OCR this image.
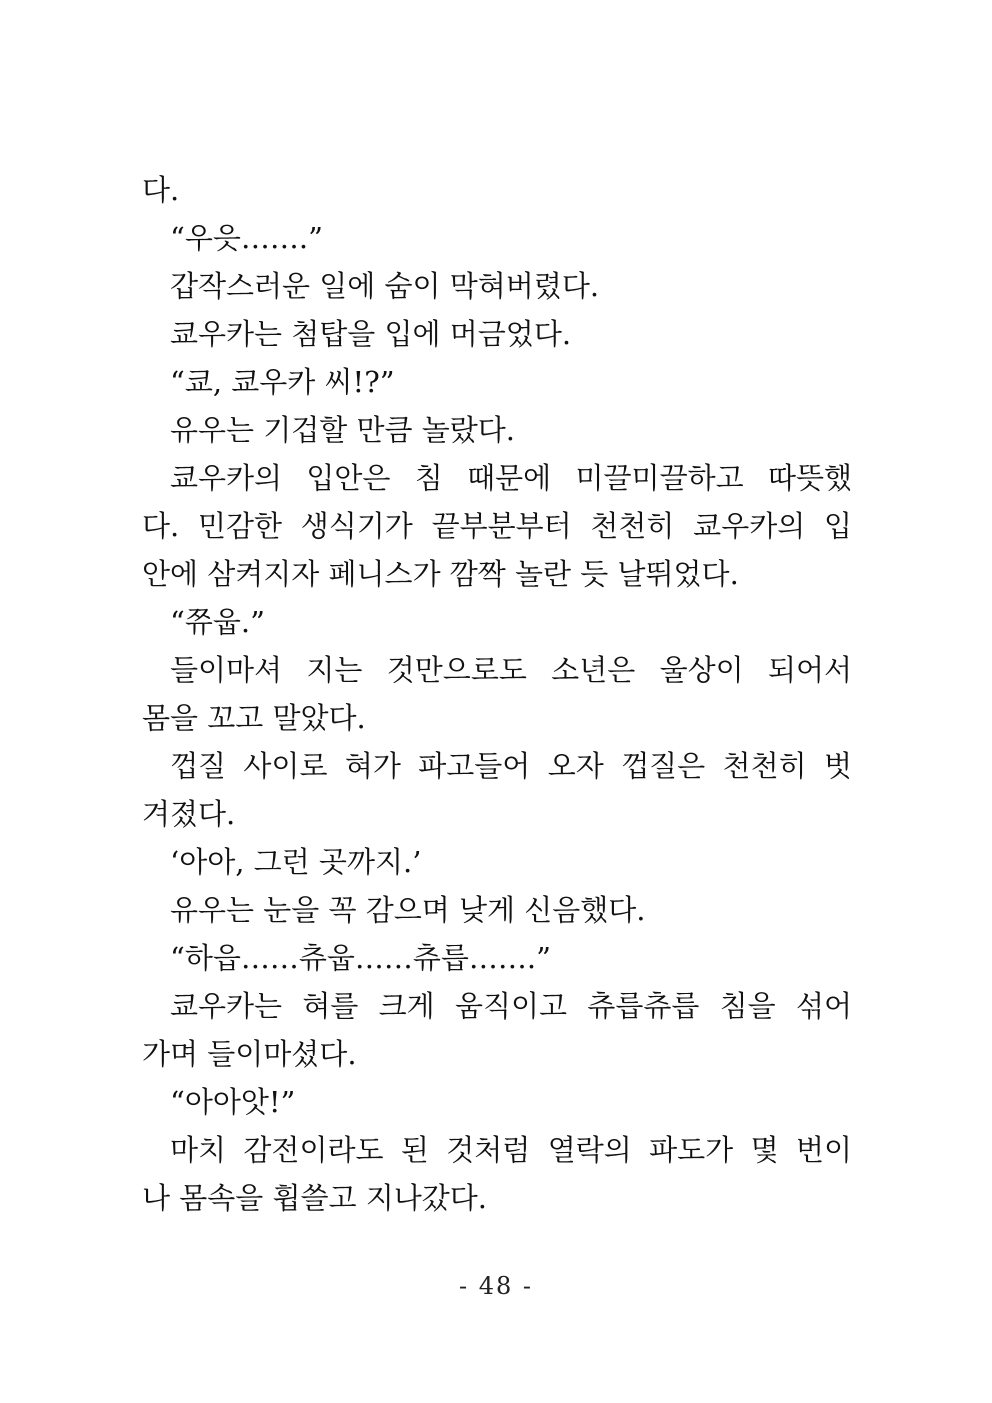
다.
“우읏…….”
갑작스러운 일에 숨이 막혀버렸다.
쿄우카는 첨탑을 입에 머금었다.
“쿄, 쿄우카 씨!?”
유우는 기겁할 만큼 놀랐다.
쿄우카의 입안은 침 때문에 미끌미끌하고 따뜻했
다. 민감한 생식기가 끝부분부터 천천히 쿄우카의 입
안에 삼켜지자 페니스가 깜짝 놀란 듯 날뛰었다.
“쮸웁.”
들이마셔 지는 것만으로도 소년은 울상이 되어서
몸을 꼬고 말았다.
껍질 사이로 혀가 파고들어 오자 껍질은 천천히 벗
겨졌다.
‘아아, 그런 곳까지.’
유우는 눈을 꼭 감으며 낮게 신음했다.
“하읍……츄웁……츄릅…….”
쿄우카는 혀를 크게 움직이고 츄릅츄릅 침을 섞어
가며 들이마셨다.
“아아앗!”
마치 감전이라도 된 것처럼 열락의 파도가 몇 번이
나 몸속을 휩쓸고 지나갔다.
- 48 -
